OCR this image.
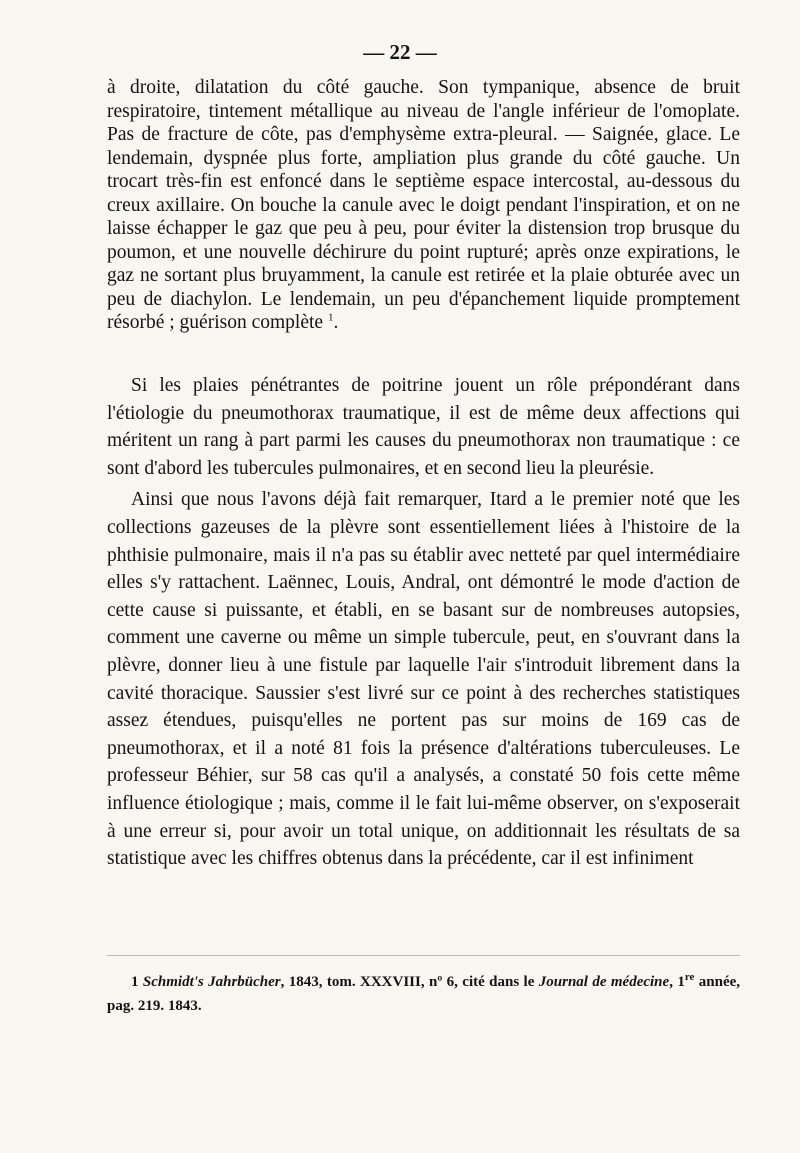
— 22 —

à droite, dilatation du côté gauche. Son tympanique, absence de bruit respiratoire, tintement métallique au niveau de l'angle inférieur de l'omoplate. Pas de fracture de côte, pas d'emphysème extra-pleural. — Saignée, glace. Le lendemain, dyspnée plus forte, ampliation plus grande du côté gauche. Un trocart très-fin est enfoncé dans le septième espace intercostal, au-dessous du creux axillaire. On bouche la canule avec le doigt pendant l'inspiration, et on ne laisse échapper le gaz que peu à peu, pour éviter la distension trop brusque du poumon, et une nouvelle déchirure du point rupturé; après onze expirations, le gaz ne sortant plus bruyamment, la canule est retirée et la plaie obturée avec un peu de diachylon. Le lendemain, un peu d'épanchement liquide promptement résorbé ; guérison complète $^1$.

Si les plaies pénétrantes de poitrine jouent un rôle prépondérant dans l'étiologie du pneumothorax traumatique, il est de même deux affections qui méritent un rang à part parmi les causes du pneumothorax non traumatique : ce sont d'abord les tubercules pulmonaires, et en second lieu la pleurésie.

Ainsi que nous l'avons déjà fait remarquer, Itard a le premier noté que les collections gazeuses de la plèvre sont essentiellement liées à l'histoire de la phthisie pulmonaire, mais il n'a pas su établir avec netteté par quel intermédiaire elles s'y rattachent. Laënnec, Louis, Andral, ont démontré le mode d'action de cette cause si puissante, et établi, en se basant sur de nombreuses autopsies, comment une caverne ou même un simple tubercule, peut, en s'ouvrant dans la plèvre, donner lieu à une fistule par laquelle l'air s'introduit librement dans la cavité thoracique. Saussier s'est livré sur ce point à des recherches statistiques assez étendues, puisqu'elles ne portent pas sur moins de 169 cas de pneumothorax, et il a noté 81 fois la présence d'altérations tuberculeuses. Le professeur Béhier, sur 58 cas qu'il a analysés, a constaté 50 fois cette même influence étiologique ; mais, comme il le fait lui-même observer, on s'exposerait à une erreur si, pour avoir un total unique, on additionnait les résultats de sa statistique avec les chiffres obtenus dans la précédente, car il est infiniment

1 Schmidt's Jahrbücher, 1843, tom. XXXVIII, nº 6, cité dans le Journal de médecine, 1re année, pag. 219. 1843.
